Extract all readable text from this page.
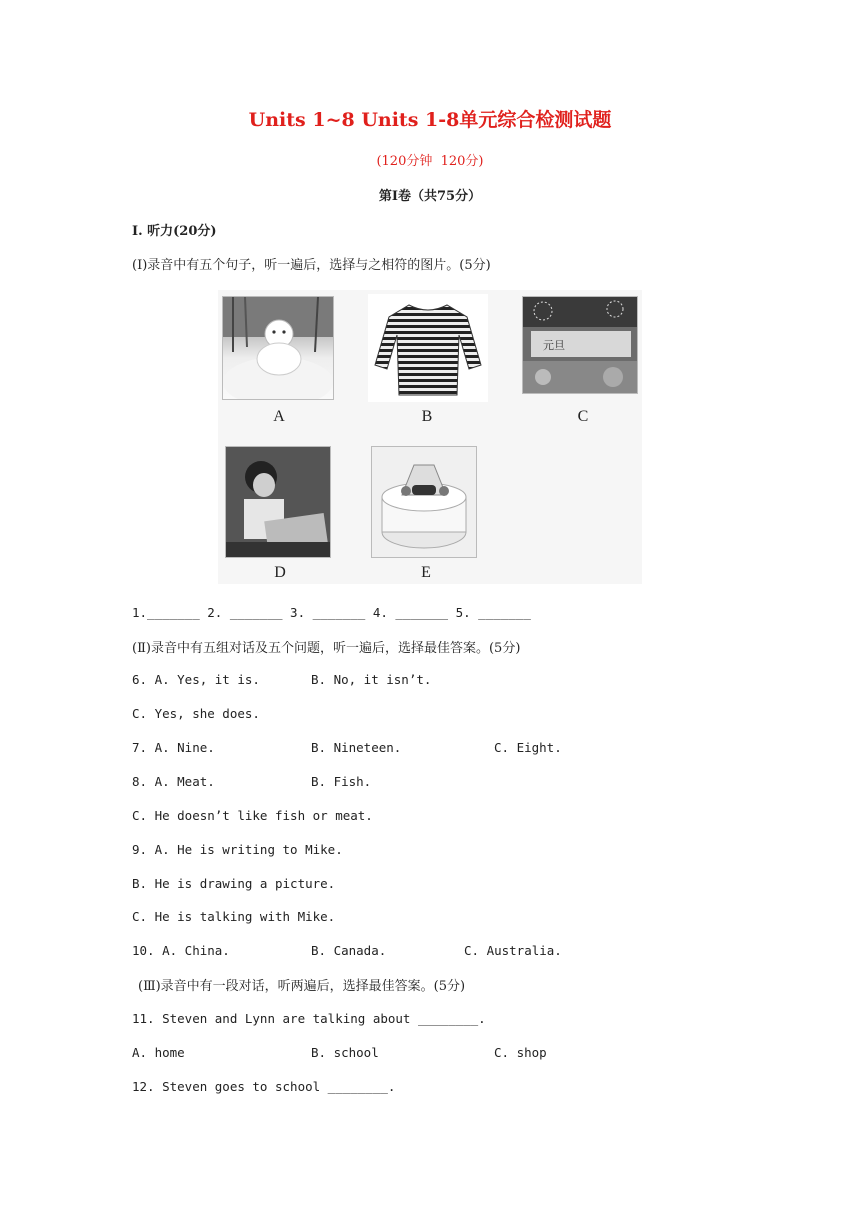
Units 1~8 Units 1-8单元综合检测试题
(120分钟  120分)
第Ⅰ卷（共75分）
Ⅰ. 听力(20分)
(Ⅰ)录音中有五个句子，听一遍后，选择与之相符的图片。(5分)
A	B
元旦
C
D	E
1._______ 2. _______ 3. _______ 4. _______ 5. _______
(Ⅱ)录音中有五组对话及五个问题，听一遍后，选择最佳答案。(5分)
6. A. Yes, it is.	B. No, it isn’t.
C. Yes, she does.
7. A. Nine.	B. Nineteen.	C. Eight.
8. A. Meat.	B. Fish.
C. He doesn’t like fish or meat.
9. A. He is writing to Mike.
B. He is drawing a picture.
C. He is talking with Mike.
10. A. China.	B. Canada.	C. Australia.
(Ⅲ)录音中有一段对话，听两遍后，选择最佳答案。(5分)
11. Steven and Lynn are talking about ________.
A. home	B. school	C. shop
12. Steven goes to school ________.
